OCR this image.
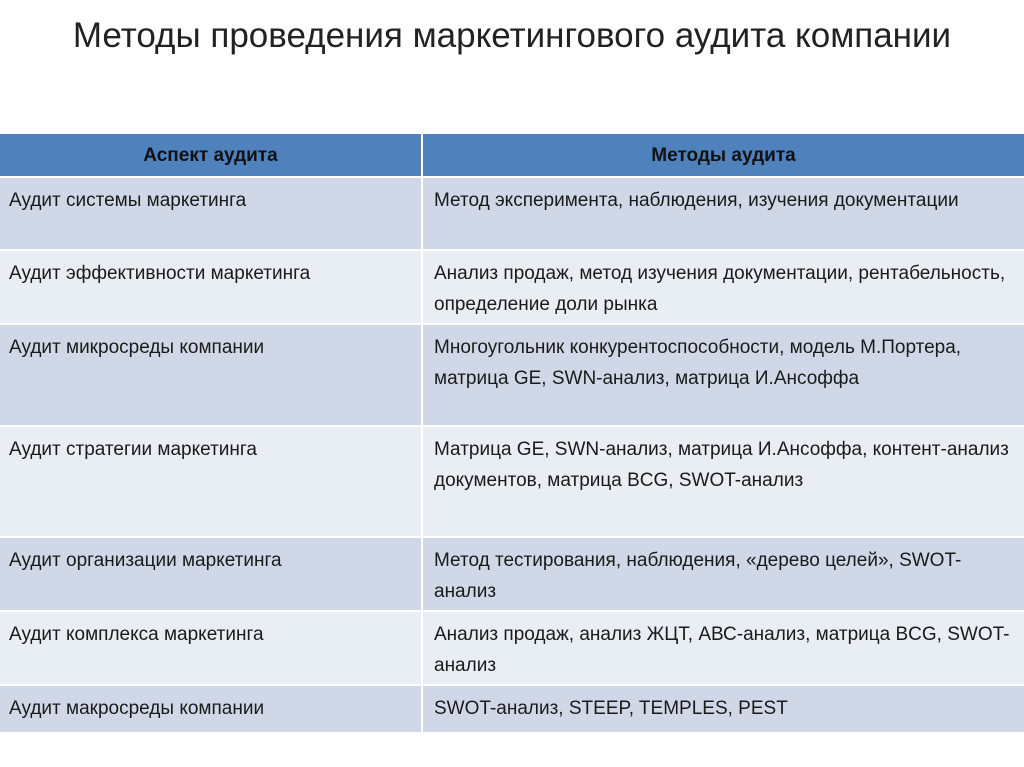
Методы проведения маркетингового аудита компании
Аспект аудита	Методы аудита
Аудит системы маркетинга	Метод эксперимента, наблюдения, изучения документации
Аудит эффективности маркетинга	Анализ продаж, метод изучения документации, рентабельность, определение доли рынка
Аудит микросреды компании	Многоугольник конкурентоспособности, модель М.Портера, матрица GE, SWN-анализ, матрица И.Ансоффа
Аудит стратегии маркетинга	Матрица GE, SWN-анализ, матрица И.Ансоффа, контент-анализ документов, матрица BCG, SWOT-анализ
Аудит организации маркетинга	Метод тестирования, наблюдения, «дерево целей», SWOT-анализ
Аудит комплекса маркетинга	Анализ продаж, анализ ЖЦТ, АВС-анализ, матрица BCG, SWOT-анализ
Аудит макросреды компании	SWOT-анализ, STEEP, TEMPLES, PEST
